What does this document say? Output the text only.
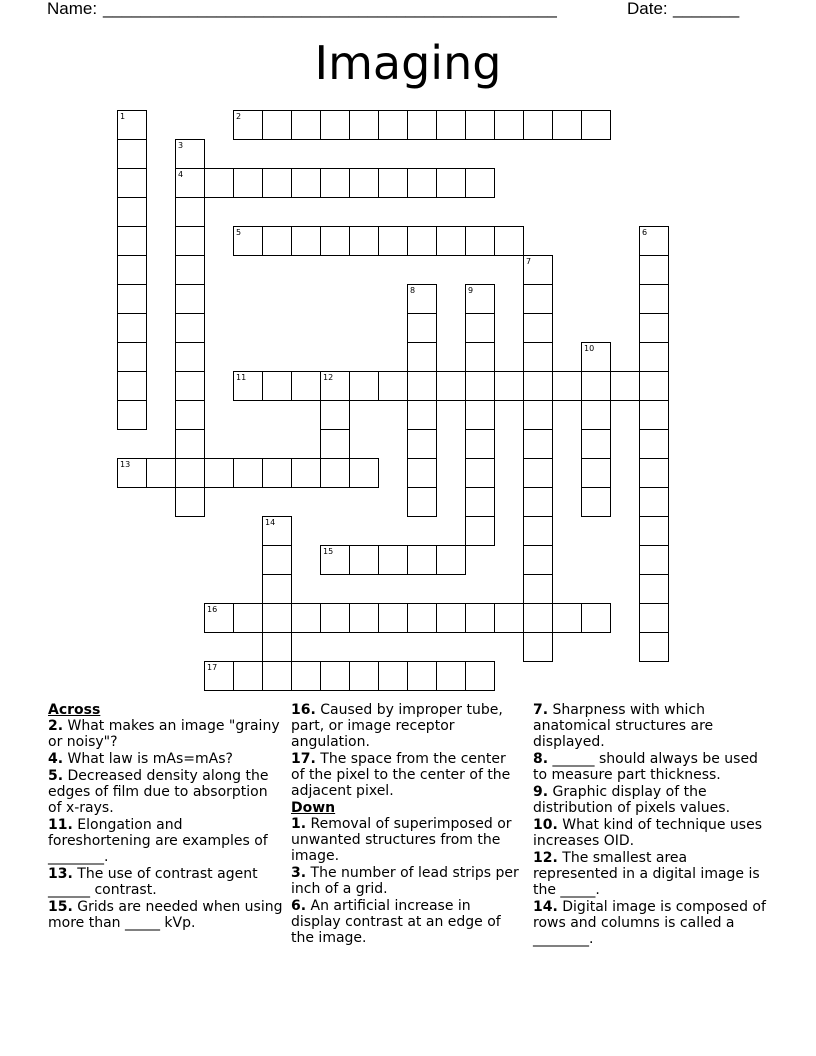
Name: ________________________________________________	Date: _______
Imaging
2
4
5
11	12
13
15
16
17
1
3
6
7
8	9
10
14
Across
2. What makes an image "grainy or noisy"?
4. What law is mAs=mAs?
5. Decreased density along the edges of film due to absorption of x-rays.
11. Elongation and foreshortening are examples of ________.
13. The use of contrast agent ______ contrast.
15. Grids are needed when using more than _____ kVp.
16. Caused by improper tube, part, or image receptor angulation.
17. The space from the center of the pixel to the center of the adjacent pixel.
Down
1. Removal of superimposed or unwanted structures from the image.
3. The number of lead strips per inch of a grid.
6. An artificial increase in display contrast at an edge of the image.
7. Sharpness with which anatomical structures are displayed.
8. ______ should always be used to measure part thickness.
9. Graphic display of the distribution of pixels values.
10. What kind of technique uses increases OID.
12. The smallest area represented in a digital image is the _____.
14. Digital image is composed of rows and columns is called a ________.
